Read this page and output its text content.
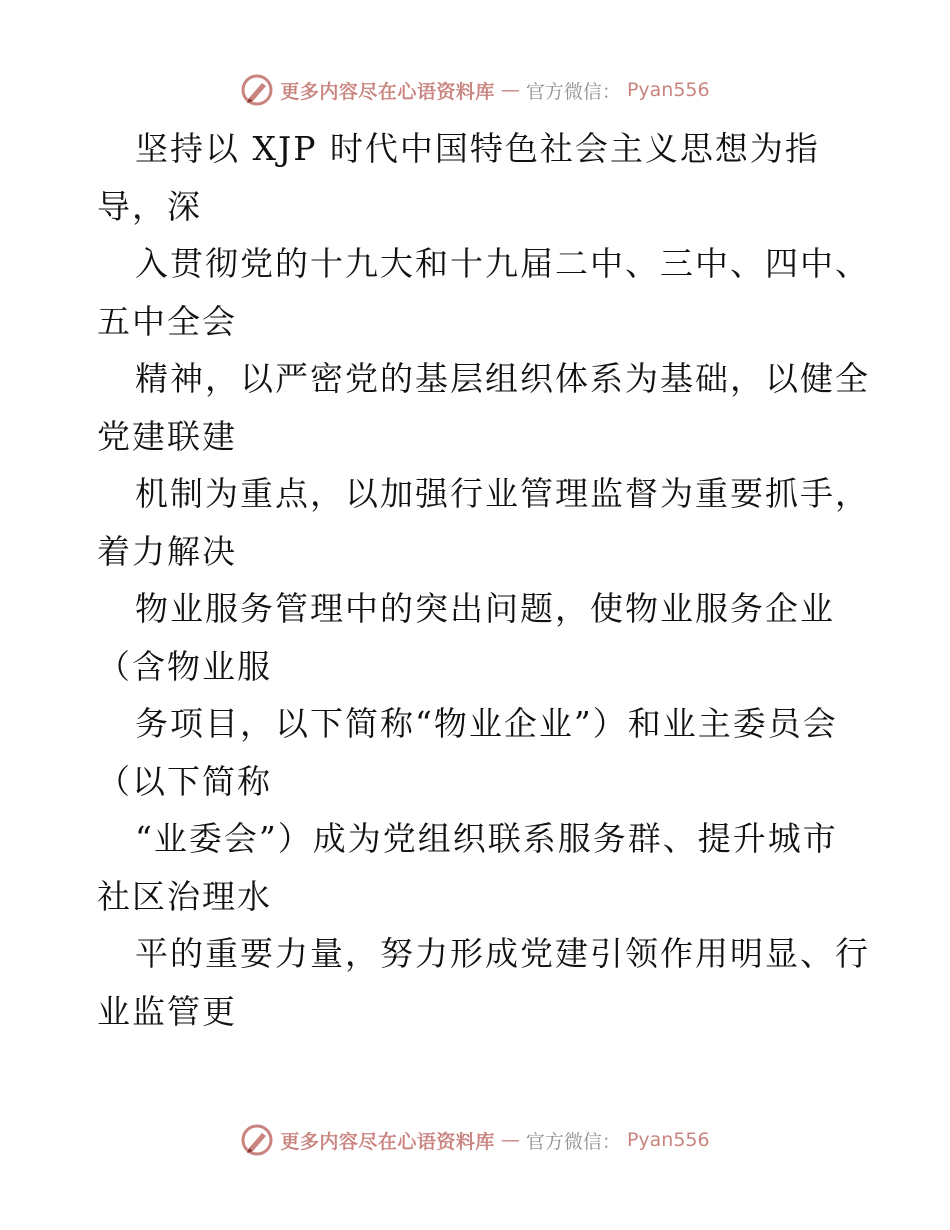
更多内容尽在心语资料库 — 官方微信： Pyan556
坚持以 XJP 时代中国特色社会主义思想为指
导，深
入贯彻党的十九大和十九届二中、三中、四中、
五中全会
精神，以严密党的基层组织体系为基础，以健全
党建联建
机制为重点，以加强行业管理监督为重要抓手，
着力解决
物业服务管理中的突出问题，使物业服务企业
（含物业服
务项目，以下简称“物业企业”）和业主委员会
（以下简称
“业委会”）成为党组织联系服务群、提升城市
社区治理水
平的重要力量，努力形成党建引领作用明显、行
业监管更
更多内容尽在心语资料库 — 官方微信： Pyan556
